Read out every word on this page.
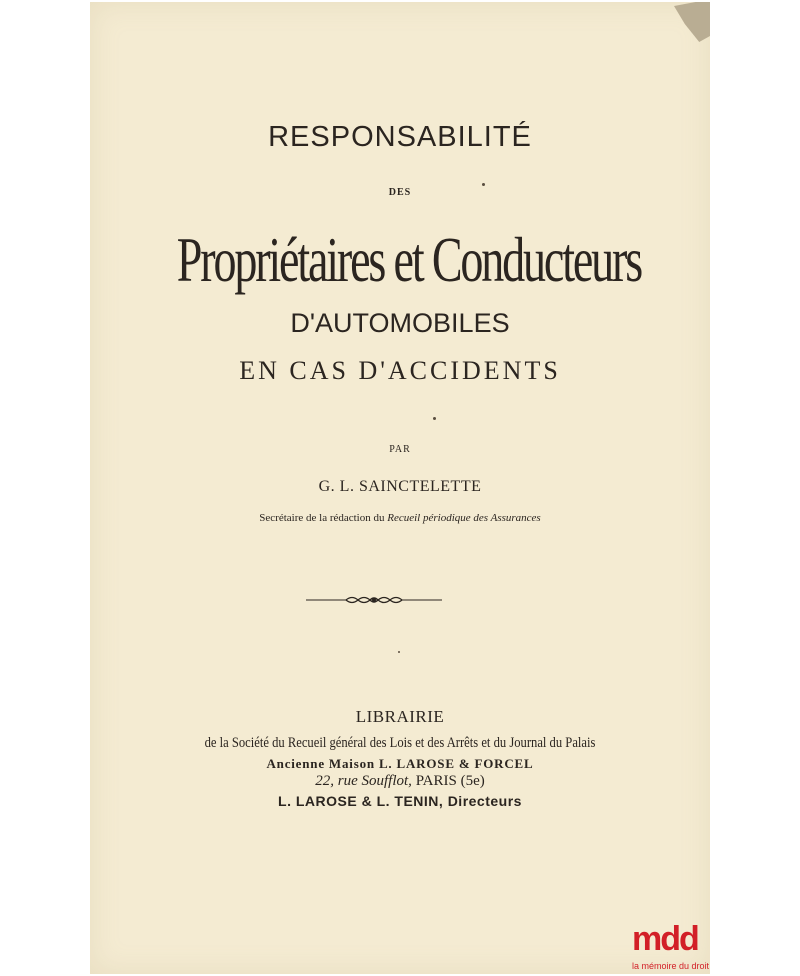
RESPONSABILITÉ
DES
Propriétaires et Conducteurs
D'AUTOMOBILES
EN CAS D'ACCIDENTS
PAR
G. L. SAINCTELETTE
Secrétaire de la rédaction du Recueil périodique des Assurances
LIBRAIRIE
de la Société du Recueil général des Lois et des Arrêts et du Journal du Palais
Ancienne Maison L. LAROSE & FORCEL
22, rue Soufflot, PARIS (5e)
L. LAROSE & L. TENIN, Directeurs
mdd
la mémoire du droit
